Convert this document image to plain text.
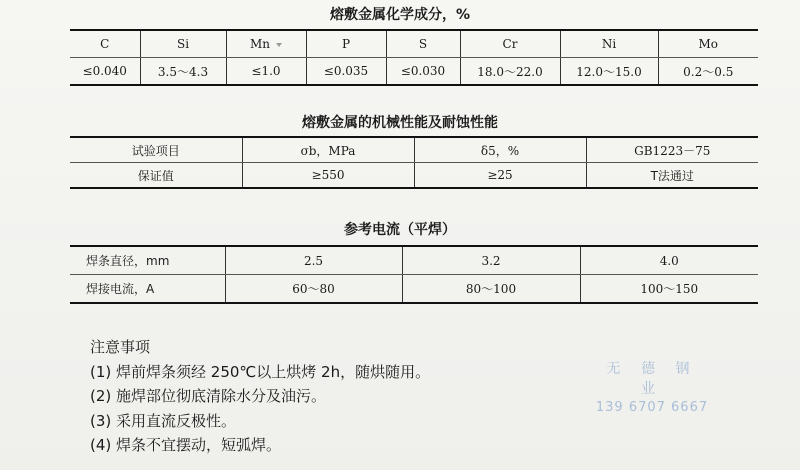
熔敷金属化学成分，%
C	Si	Mn	P	S	Cr	Ni	Mo
≤0.040	3.5～4.3	≤1.0	≤0.035	≤0.030	18.0～22.0	12.0～15.0	0.2～0.5
熔敷金属的机械性能及耐蚀性能
试验项目	σb，MPa	δ5，%	GB1223－75
保证值	≥550	≥25	T法通过
参考电流（平焊）
焊条直径，mm	2.5	3.2	4.0
焊接电流，A	60～80	80～100	100～150
注意事项
(1) 焊前焊条须经 250℃以上烘烤 2h，随烘随用。
(2) 施焊部位彻底清除水分及油污。
(3) 采用直流反极性。
(4) 焊条不宜摆动，短弧焊。
无 德 钢 业
139 6707 6667
